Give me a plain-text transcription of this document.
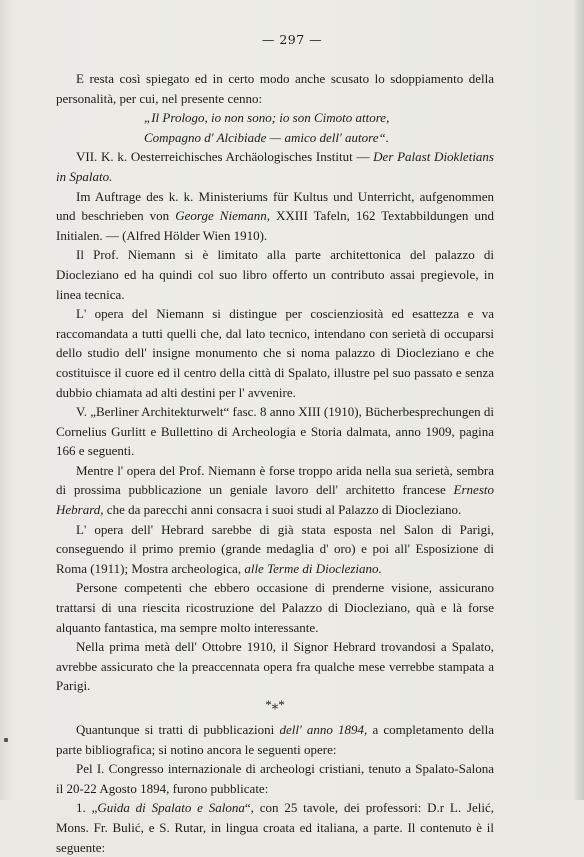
— 297 —

E resta così spiegato ed in certo modo anche scusato lo sdoppiamento della personalità, per cui, nel presente cenno:

„Il Prologo, io non sono; io son Cimoto attore,
Compagno d' Alcibiade — amico dell' autore“.

VII. K. k. Oesterreichisches Archäologisches Institut — Der Palast Diokletians in Spalato.

Im Auftrage des k. k. Ministeriums für Kultus und Unterricht, aufgenommen und beschrieben von George Niemann, XXIII Tafeln, 162 Textabbildungen und Initialen. — (Alfred Hölder Wien 1910).

Il Prof. Niemann si è limitato alla parte architettonica del palazzo di Diocleziano ed ha quindi col suo libro offerto un contributo assai pregievole, in linea tecnica.

L' opera del Niemann si distingue per coscienziosità ed esattezza e va raccomandata a tutti quelli che, dal lato tecnico, intendano con serietà di occuparsi dello studio dell' insigne monumento che si noma palazzo di Diocleziano e che costituisce il cuore ed il centro della città di Spalato, illustre pel suo passato e senza dubbio chiamata ad alti destini per l' avvenire.

V. „Berliner Architekturwelt“ fasc. 8 anno XIII (1910), Bücherbesprechungen di Cornelius Gurlitt e Bullettino di Archeologia e Storia dalmata, anno 1909, pagina 166 e seguenti.

Mentre l' opera del Prof. Niemann è forse troppo arida nella sua serietà, sembra di prossima pubblicazione un geniale lavoro dell' architetto francese Ernesto Hebrard, che da parecchi anni consacra i suoi studi al Palazzo di Diocleziano.

L' opera dell' Hebrard sarebbe di già stata esposta nel Salon di Parigi, conseguendo il primo premio (grande medaglia d' oro) e poi all' Esposizione di Roma (1911); Mostra archeologica, alle Terme di Diocleziano.

Persone competenti che ebbero occasione di prenderne visione, assicurano trattarsi di una riescita ricostruzione del Palazzo di Diocleziano, quà e là forse alquanto fantastica, ma sempre molto interessante.

Nella prima metà dell' Ottobre 1910, il Signor Hebrard trovandosi a Spalato, avrebbe assicurato che la preaccennata opera fra qualche mese verrebbe stampata a Parigi.

*⁎*

Quantunque si tratti di pubblicazioni dell' anno 1894, a completamento della parte bibliografica; si notino ancora le seguenti opere:

Pel I. Congresso internazionale di archeologi cristiani, tenuto a Spalato-Salona il 20-22 Agosto 1894, furono pubblicate:

1. „Guida di Spalato e Salona“, con 25 tavole, dei professori: D.r L. Jelić, Mons. Fr. Bulić, e S. Rutar, in lingua croata ed italiana, a parte. Il contenuto è il seguente:
